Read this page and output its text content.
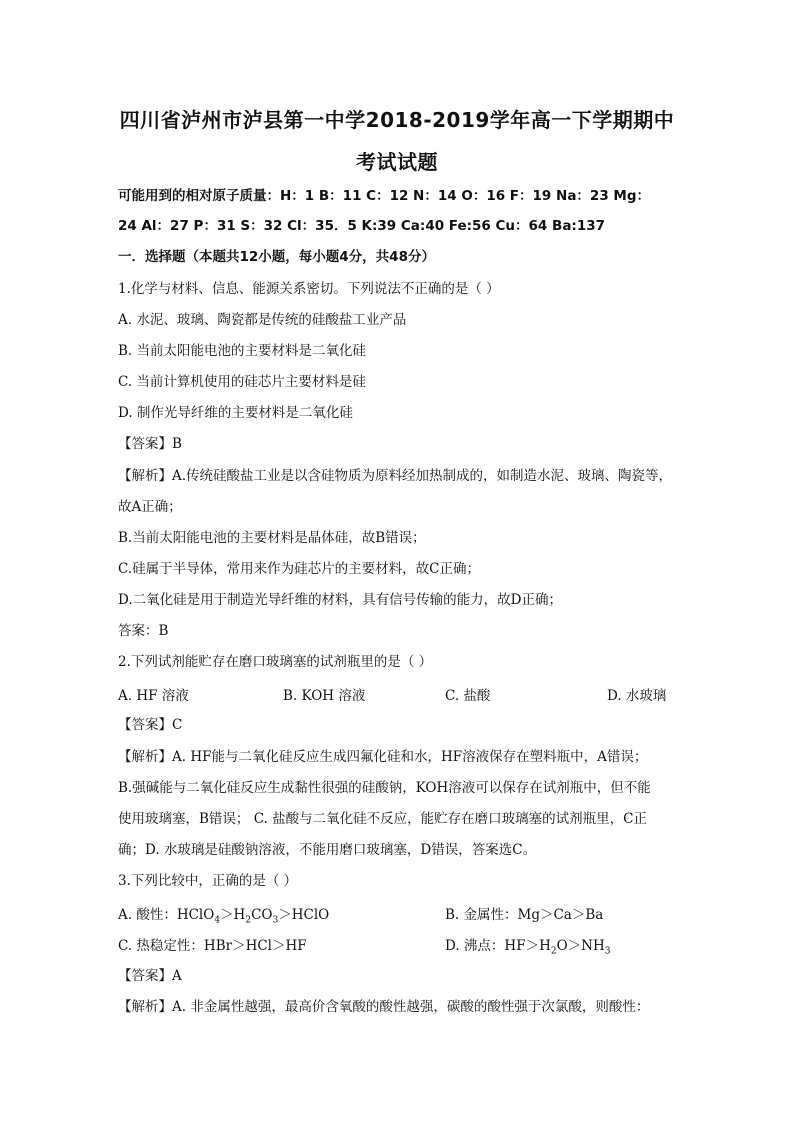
四川省泸州市泸县第一中学2018-2019学年高一下学期期中
考试试题
可能用到的相对原子质量：H：1 B：11 C：12 N：14 O：16 F：19 Na：23 Mg：
24 Al：27 P：31 S：32 Cl：35．5 K:39 Ca:40 Fe:56 Cu：64 Ba:137
一．选择题（本题共12小题，每小题4分，共48分）
1.化学与材料、信息、能源关系密切。下列说法不正确的是（ ）
A. 水泥、玻璃、陶瓷都是传统的硅酸盐工业产品
B. 当前太阳能电池的主要材料是二氧化硅
C. 当前计算机使用的硅芯片主要材料是硅
D. 制作光导纤维的主要材料是二氧化硅
【答案】B
【解析】A.传统硅酸盐工业是以含硅物质为原料经加热制成的，如制造水泥、玻璃、陶瓷等，
故A正确；
B.当前太阳能电池的主要材料是晶体硅，故B错误；
C.硅属于半导体，常用来作为硅芯片的主要材料，故C正确；
D.二氧化硅是用于制造光导纤维的材料，具有信号传输的能力，故D正确；
答案：B
2.下列试剂能贮存在磨口玻璃塞的试剂瓶里的是（ ）
A. HF 溶液	B. KOH 溶液	C. 盐酸	D. 水玻璃
【答案】C
【解析】A. HF能与二氧化硅反应生成四氟化硅和水，HF溶液保存在塑料瓶中，A错误；
B.强碱能与二氧化硅反应生成黏性很强的硅酸钠，KOH溶液可以保存在试剂瓶中，但不能
使用玻璃塞，B错误； C. 盐酸与二氧化硅不反应，能贮存在磨口玻璃塞的试剂瓶里，C正
确；D. 水玻璃是硅酸钠溶液，不能用磨口玻璃塞，D错误，答案选C。
3.下列比较中，正确的是（ ）
A. 酸性：$HClO_4>H_2CO_3>HClO$	B. 金属性：Mg＞Ca＞Ba
C. 热稳定性：HBr＞HCl＞HF	D. 沸点：$HF>H_2O>NH_3$
【答案】A
【解析】A. 非金属性越强，最高价含氧酸的酸性越强，碳酸的酸性强于次氯酸，则酸性：
